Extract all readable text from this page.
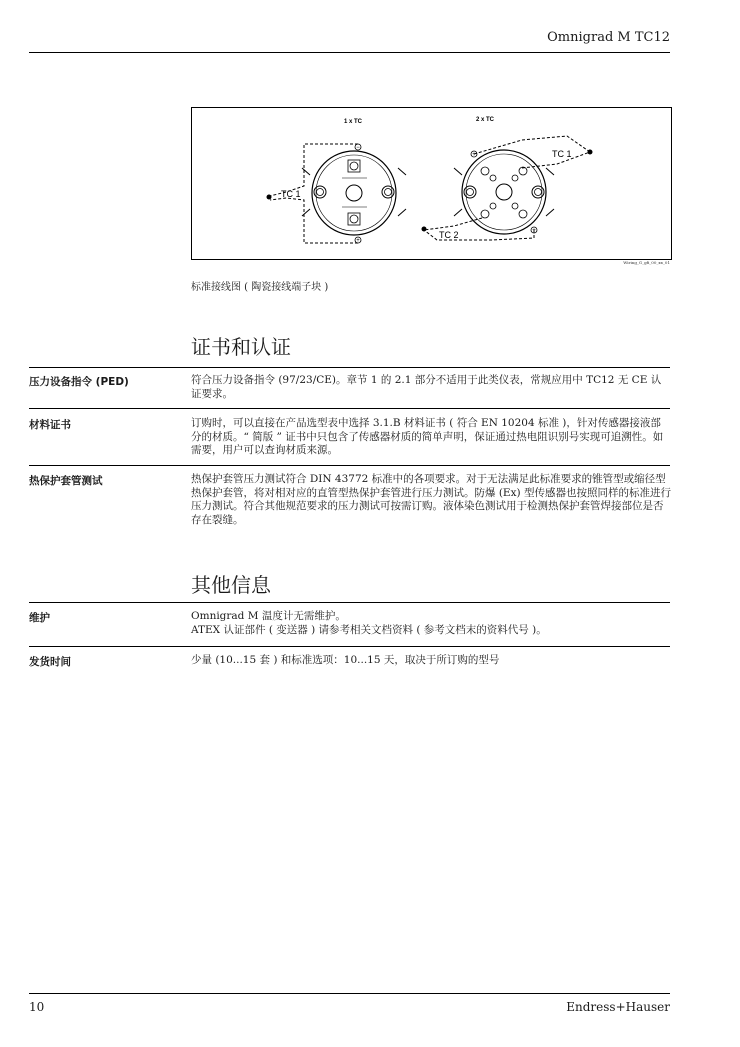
Omnigrad M TC12
1 x TC	2 x TC
TC 1
TC 1
TC 2
−
+
+
+
Wiring_G_gfi_00_xx_01
标准接线图 ( 陶瓷接线端子块 )
证书和认证
压力设备指令 (PED)	符合压力设备指令 (97/23/CE)。章节 1 的 2.1 部分不适用于此类仪表，常规应用中 TC12 无 CE 认证要求。

材料证书	订购时，可以直接在产品选型表中选择 3.1.B 材料证书 ( 符合 EN 10204 标准 )，针对传感器接液部分的材质。“ 简版 ” 证书中只包含了传感器材质的简单声明，保证通过热电阻识别号实现可追溯性。如需要，用户可以查询材质来源。

热保护套管测试	热保护套管压力测试符合 DIN 43772 标准中的各项要求。对于无法满足此标准要求的锥管型或缩径型热保护套管，将对相对应的直管型热保护套管进行压力测试。防爆 (Ex) 型传感器也按照同样的标准进行压力测试。符合其他规范要求的压力测试可按需订购。液体染色测试用于检测热保护套管焊接部位是否存在裂缝。

其他信息
维护	Omnigrad M 温度计无需维护。

ATEX 认证部件 ( 变送器 ) 请参考相关文档资料 ( 参考文档末的资料代号 )。

发货时间	少量 (10...15 套 ) 和标准选项：10...15 天，取决于所订购的型号

10	Endress+Hauser
